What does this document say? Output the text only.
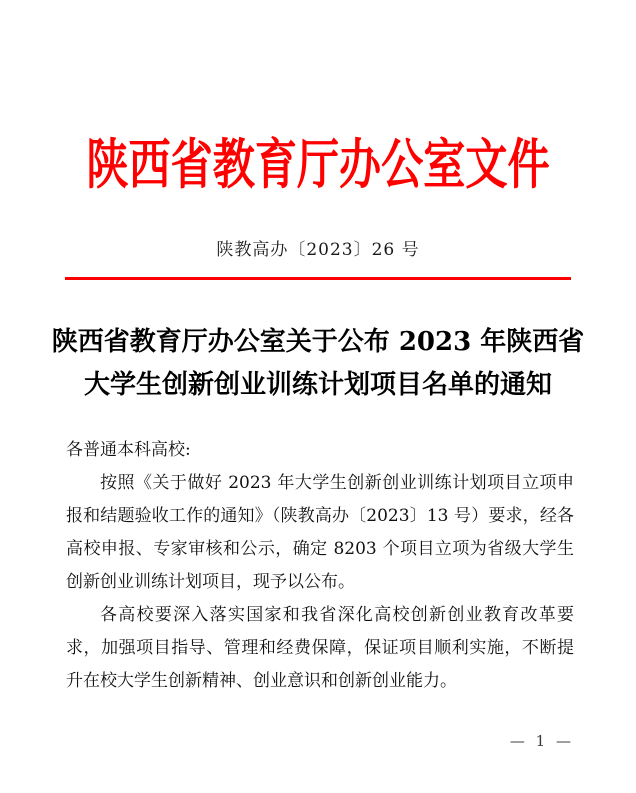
陕西省教育厅办公室文件
陕教高办〔2023〕26 号
陕西省教育厅办公室关于公布 2023 年陕西省
大学生创新创业训练计划项目名单的通知

各普通本科高校:

按照《关于做好 2023 年大学生创新创业训练计划项目立项申报和结题验收工作的通知》（陕教高办〔2023〕13 号）要求，经各高校申报、专家审核和公示，确定 8203 个项目立项为省级大学生创新创业训练计划项目，现予以公布。

各高校要深入落实国家和我省深化高校创新创业教育改革要求，加强项目指导、管理和经费保障，保证项目顺利实施，不断提升在校大学生创新精神、创业意识和创新创业能力。

— 1 —
